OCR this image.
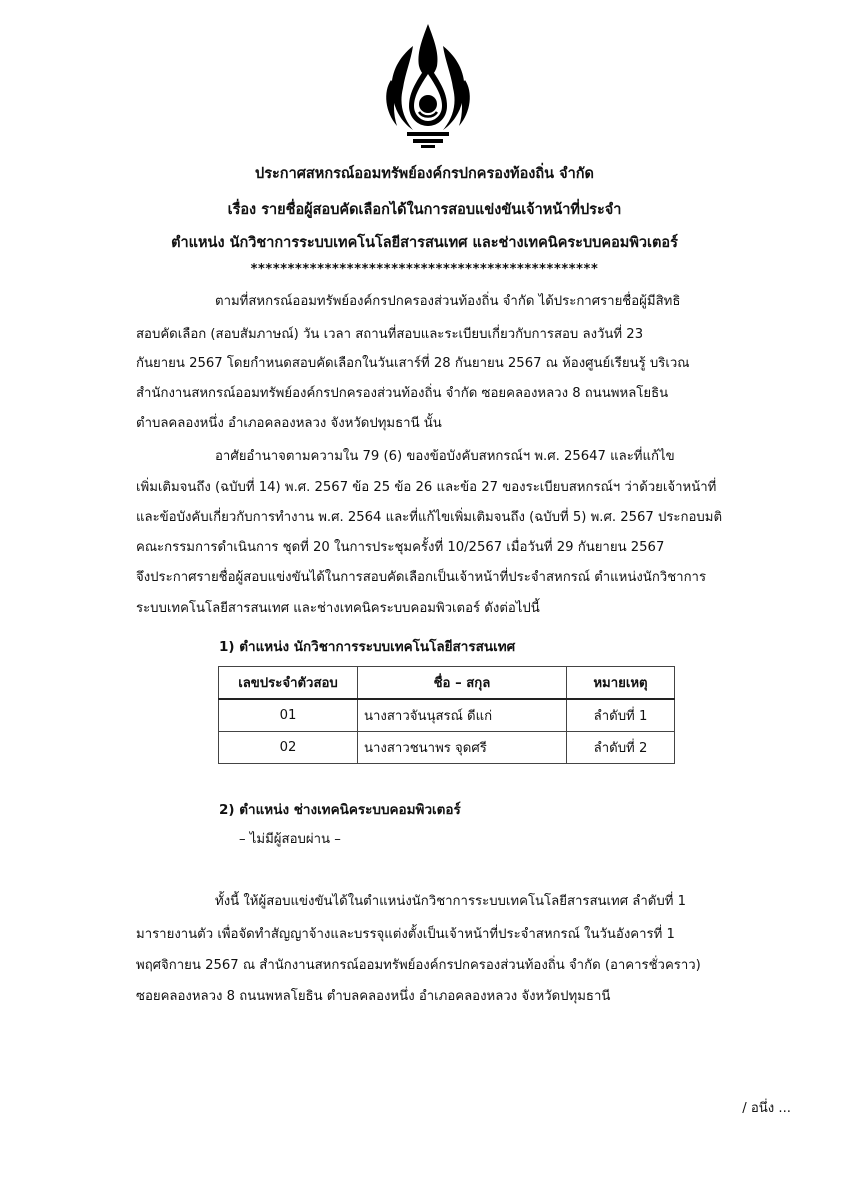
ประกาศสหกรณ์ออมทรัพย์องค์กรปกครองท้องถิ่น จำกัด
เรื่อง รายชื่อผู้สอบคัดเลือกได้ในการสอบแข่งขันเจ้าหน้าที่ประจำ
ตำแหน่ง นักวิชาการระบบเทคโนโลยีสารสนเทศ และช่างเทคนิคระบบคอมพิวเตอร์
***********************************************
ตามที่สหกรณ์ออมทรัพย์องค์กรปกครองส่วนท้องถิ่น จำกัด ได้ประกาศรายชื่อผู้มีสิทธิ
สอบคัดเลือก (สอบสัมภาษณ์) วัน เวลา สถานที่สอบและระเบียบเกี่ยวกับการสอบ ลงวันที่ 23
กันยายน 2567 โดยกำหนดสอบคัดเลือกในวันเสาร์ที่ 28 กันยายน 2567 ณ ห้องศูนย์เรียนรู้ บริเวณ
สำนักงานสหกรณ์ออมทรัพย์องค์กรปกครองส่วนท้องถิ่น จำกัด ซอยคลองหลวง 8 ถนนพหลโยธิน
ตำบลคลองหนึ่ง อำเภอคลองหลวง จังหวัดปทุมธานี นั้น
อาศัยอำนาจตามความใน 79 (6) ของข้อบังคับสหกรณ์ฯ พ.ศ. 25647 และที่แก้ไข
เพิ่มเติมจนถึง (ฉบับที่ 14) พ.ศ. 2567 ข้อ 25 ข้อ 26 และข้อ 27 ของระเบียบสหกรณ์ฯ ว่าด้วยเจ้าหน้าที่
และข้อบังคับเกี่ยวกับการทำงาน พ.ศ. 2564 และที่แก้ไขเพิ่มเติมจนถึง (ฉบับที่ 5) พ.ศ. 2567 ประกอบมติ
คณะกรรมการดำเนินการ ชุดที่ 20 ในการประชุมครั้งที่ 10/2567 เมื่อวันที่ 29 กันยายน 2567
จึงประกาศรายชื่อผู้สอบแข่งขันได้ในการสอบคัดเลือกเป็นเจ้าหน้าที่ประจำสหกรณ์ ตำแหน่งนักวิชาการ
ระบบเทคโนโลยีสารสนเทศ และช่างเทคนิคระบบคอมพิวเตอร์ ดังต่อไปนี้
1) ตำแหน่ง นักวิชาการระบบเทคโนโลยีสารสนเทศ
เลขประจำตัวสอบ	ชื่อ – สกุล	หมายเหตุ
01	นางสาวจันนุสรณ์ ดีแก่	ลำดับที่ 1
02	นางสาวชนาพร จุดศรี	ลำดับที่ 2
2) ตำแหน่ง ช่างเทคนิคระบบคอมพิวเตอร์
– ไม่มีผู้สอบผ่าน –
ทั้งนี้ ให้ผู้สอบแข่งขันได้ในตำแหน่งนักวิชาการระบบเทคโนโลยีสารสนเทศ ลำดับที่ 1
มารายงานตัว เพื่อจัดทำสัญญาจ้างและบรรจุแต่งตั้งเป็นเจ้าหน้าที่ประจำสหกรณ์ ในวันอังคารที่ 1
พฤศจิกายน 2567 ณ สำนักงานสหกรณ์ออมทรัพย์องค์กรปกครองส่วนท้องถิ่น จำกัด (อาคารชั่วคราว)
ซอยคลองหลวง 8 ถนนพหลโยธิน ตำบลคลองหนึ่ง อำเภอคลองหลวง จังหวัดปทุมธานี
/ อนึ่ง ...
